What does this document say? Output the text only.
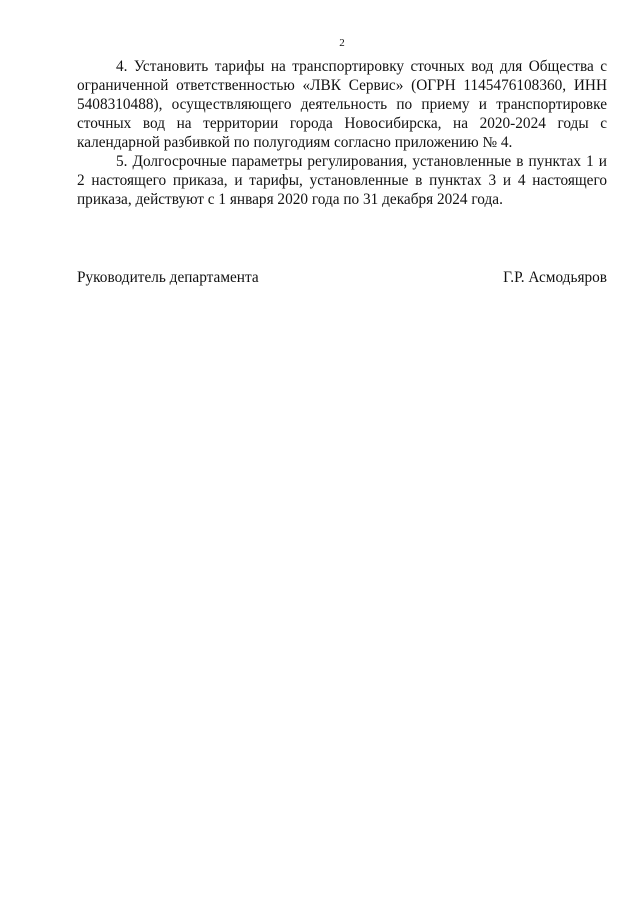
2

4. Установить тарифы на транспортировку сточных вод для Общества с ограниченной ответственностью «ЛВК Сервис» (ОГРН 1145476108360, ИНН 5408310488), осуществляющего деятельность по приему и транспортировке сточных вод на территории города Новосибирска, на 2020-2024 годы с календарной разбивкой по полугодиям согласно приложению № 4.

5. Долгосрочные параметры регулирования, установленные в пунктах 1 и 2 настоящего приказа, и тарифы, установленные в пунктах 3 и 4 настоящего приказа, действуют с 1 января 2020 года по 31 декабря 2024 года.

Руководитель департамента	Г.Р. Асмодьяров
